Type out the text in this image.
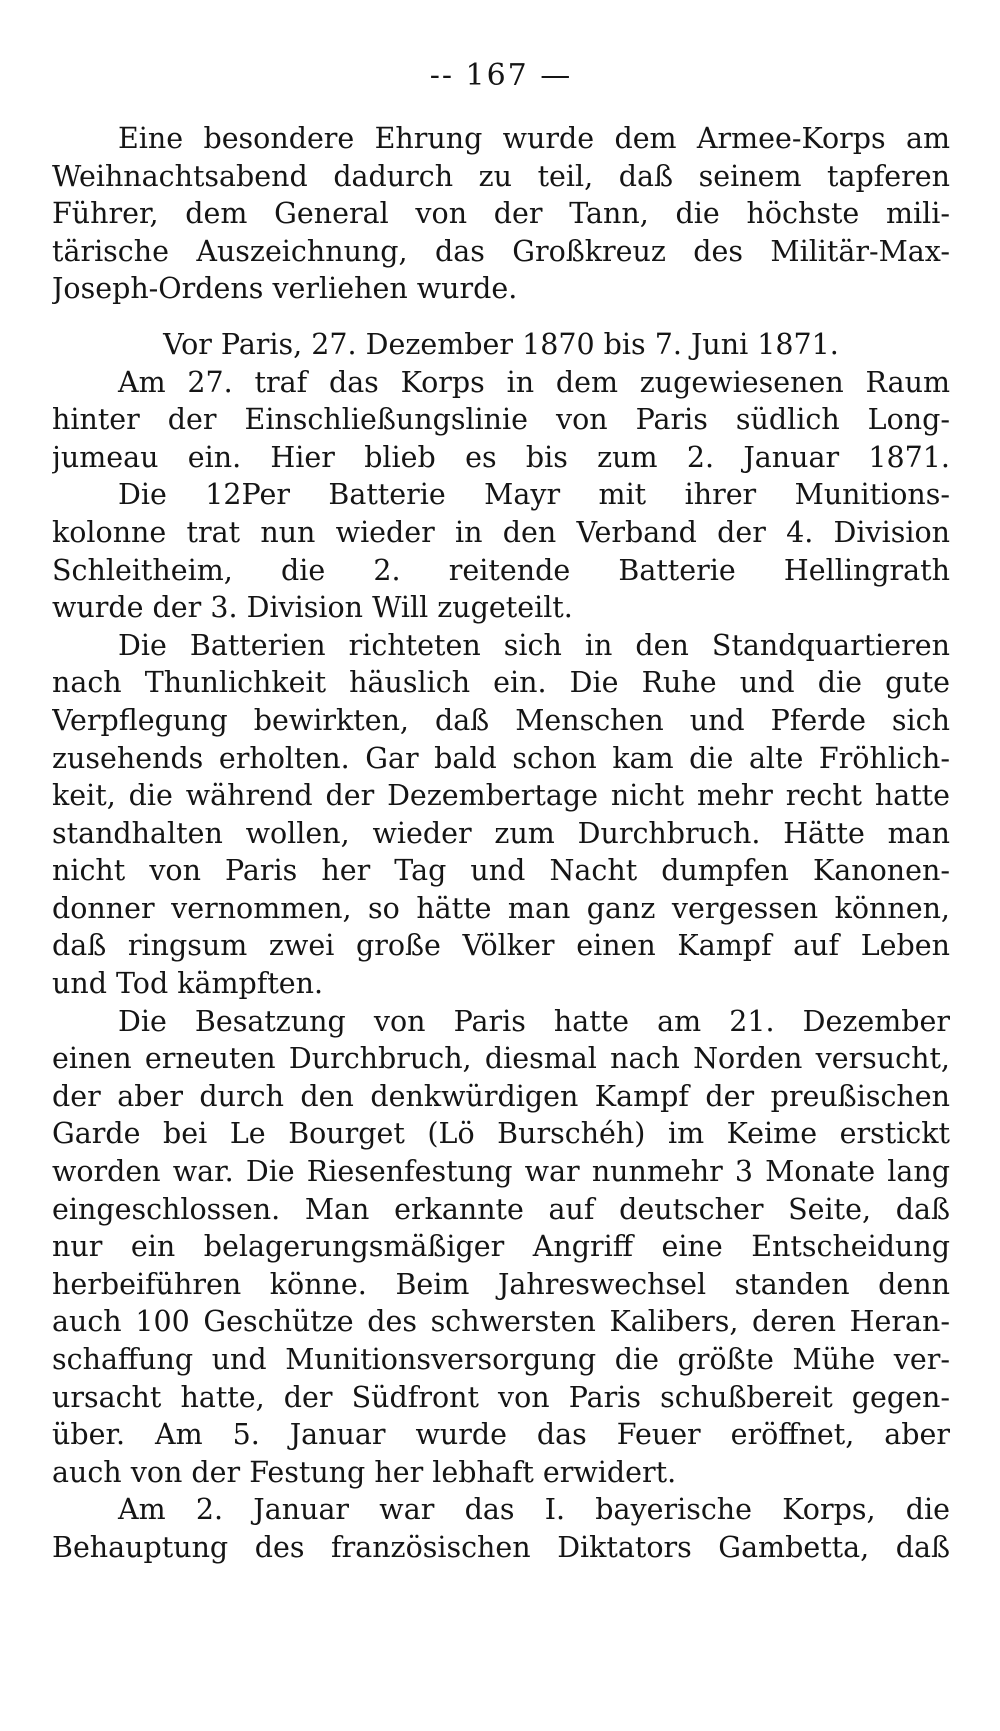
-- 167 —
Eine besondere Ehrung wurde dem Armee-Korps am
Weihnachtsabend dadurch zu teil, daß seinem tapferen
Führer, dem General von der Tann, die höchste mili-
tärische Auszeichnung, das Großkreuz des Militär-Max-
Joseph-Ordens verliehen wurde.
Vor Paris, 27. Dezember 1870 bis 7. Juni 1871.
Am 27. traf das Korps in dem zugewiesenen Raum
hinter der Einschließungslinie von Paris südlich Long-
jumeau ein. Hier blieb es bis zum 2. Januar 1871.
Die 12Per Batterie Mayr mit ihrer Munitions-
kolonne trat nun wieder in den Verband der 4. Division
Schleitheim, die 2. reitende Batterie Hellingrath
wurde der 3. Division Will zugeteilt.
Die Batterien richteten sich in den Standquartieren
nach Thunlichkeit häuslich ein. Die Ruhe und die gute
Verpflegung bewirkten, daß Menschen und Pferde sich
zusehends erholten. Gar bald schon kam die alte Fröhlich-
keit, die während der Dezembertage nicht mehr recht hatte
standhalten wollen, wieder zum Durchbruch. Hätte man
nicht von Paris her Tag und Nacht dumpfen Kanonen-
donner vernommen, so hätte man ganz vergessen können,
daß ringsum zwei große Völker einen Kampf auf Leben
und Tod kämpften.
Die Besatzung von Paris hatte am 21. Dezember
einen erneuten Durchbruch, diesmal nach Norden versucht,
der aber durch den denkwürdigen Kampf der preußischen
Garde bei Le Bourget (Lö Burschéh) im Keime erstickt
worden war. Die Riesenfestung war nunmehr 3 Monate lang
eingeschlossen. Man erkannte auf deutscher Seite, daß
nur ein belagerungsmäßiger Angriff eine Entscheidung
herbeiführen könne. Beim Jahreswechsel standen denn
auch 100 Geschütze des schwersten Kalibers, deren Heran-
schaffung und Munitionsversorgung die größte Mühe ver-
ursacht hatte, der Südfront von Paris schußbereit gegen-
über. Am 5. Januar wurde das Feuer eröffnet, aber
auch von der Festung her lebhaft erwidert.
Am 2. Januar war das I. bayerische Korps, die
Behauptung des französischen Diktators Gambetta, daß
